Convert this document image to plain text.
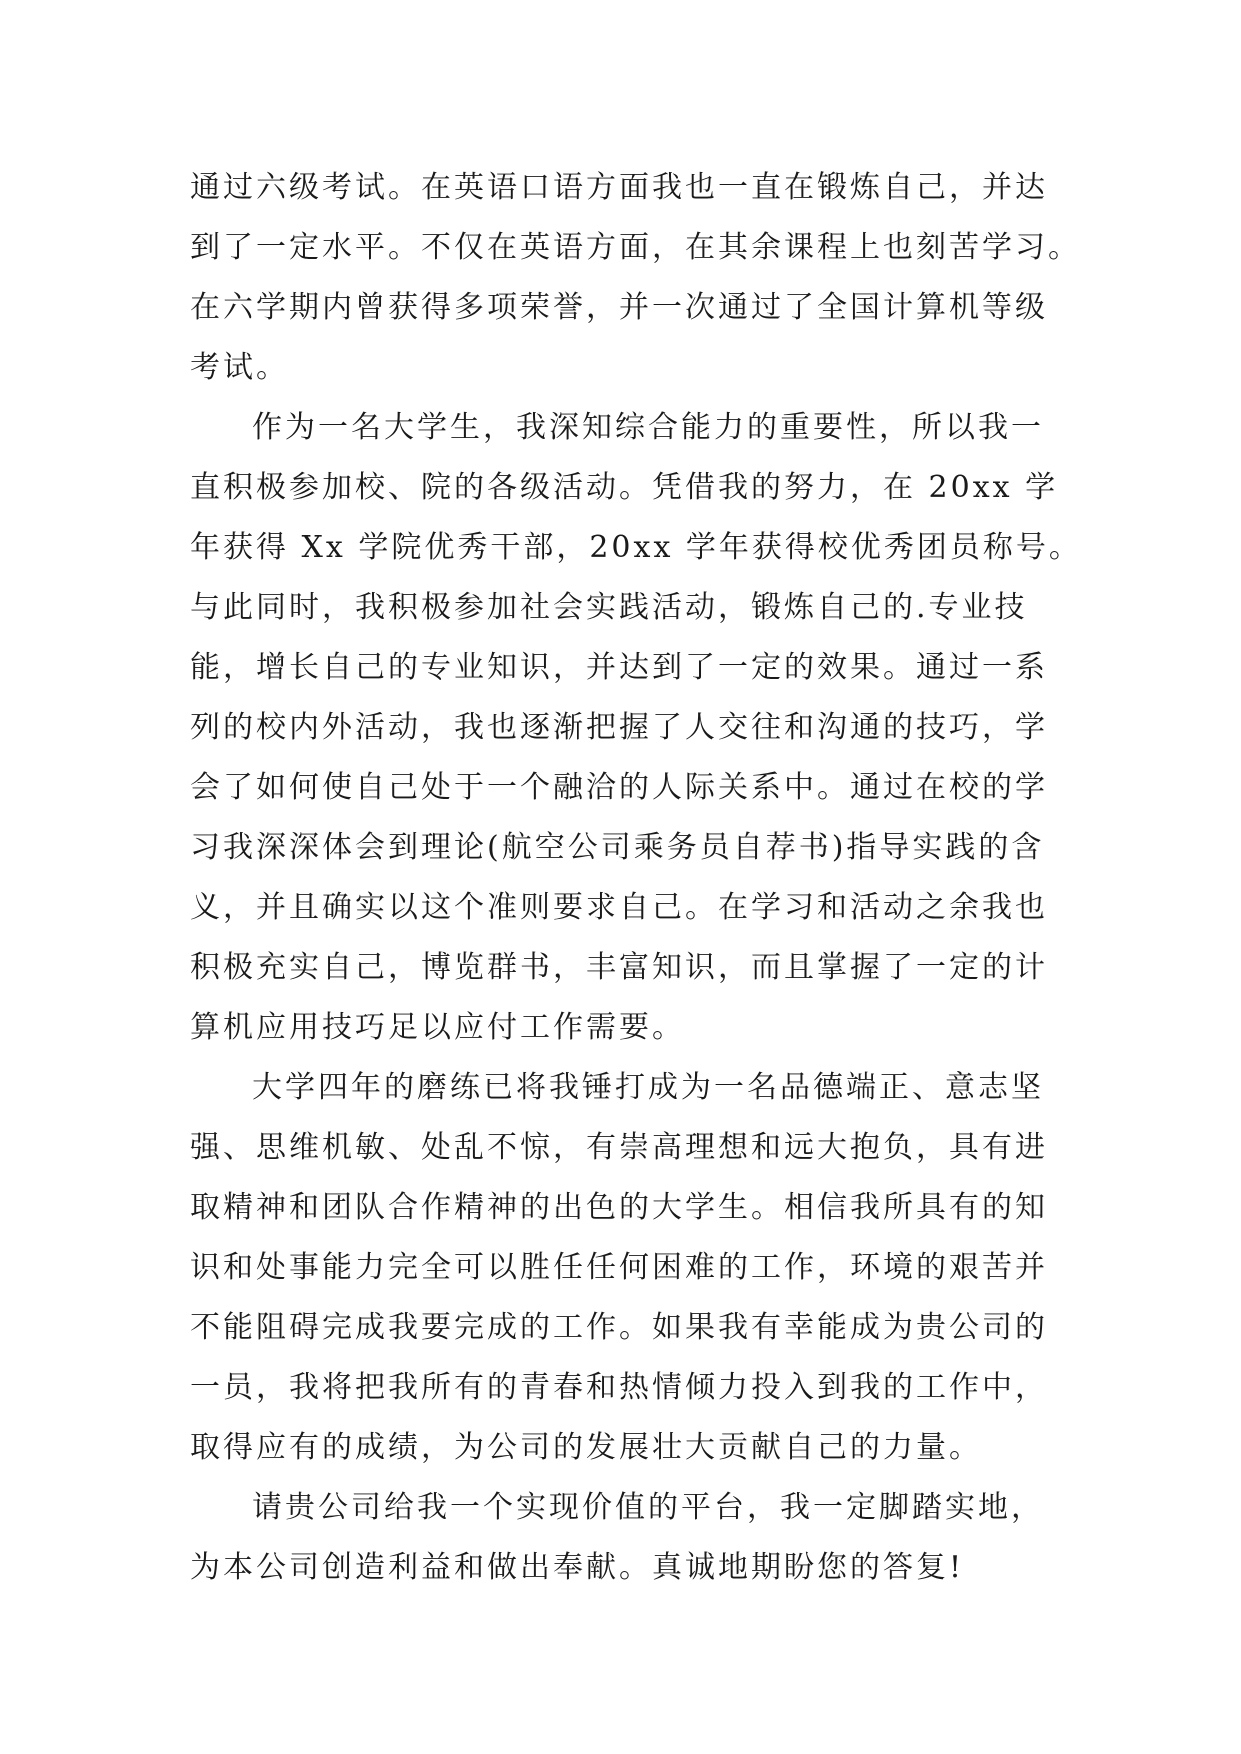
通过六级考试。在英语口语方面我也一直在锻炼自己，并达
到了一定水平。不仅在英语方面，在其余课程上也刻苦学习。
在六学期内曾获得多项荣誉，并一次通过了全国计算机等级
考试。
作为一名大学生，我深知综合能力的重要性，所以我一
直积极参加校、院的各级活动。凭借我的努力，在 20xx 学
年获得 Xx 学院优秀干部，20xx 学年获得校优秀团员称号。
与此同时，我积极参加社会实践活动，锻炼自己的.专业技
能，增长自己的专业知识，并达到了一定的效果。通过一系
列的校内外活动，我也逐渐把握了人交往和沟通的技巧，学
会了如何使自己处于一个融洽的人际关系中。通过在校的学
习我深深体会到理论(航空公司乘务员自荐书)指导实践的含
义，并且确实以这个准则要求自己。在学习和活动之余我也
积极充实自己，博览群书，丰富知识，而且掌握了一定的计
算机应用技巧足以应付工作需要。
大学四年的磨练已将我锤打成为一名品德端正、意志坚
强、思维机敏、处乱不惊，有崇高理想和远大抱负，具有进
取精神和团队合作精神的出色的大学生。相信我所具有的知
识和处事能力完全可以胜任任何困难的工作，环境的艰苦并
不能阻碍完成我要完成的工作。如果我有幸能成为贵公司的
一员，我将把我所有的青春和热情倾力投入到我的工作中，
取得应有的成绩，为公司的发展壮大贡献自己的力量。
请贵公司给我一个实现价值的平台，我一定脚踏实地，
为本公司创造利益和做出奉献。真诚地期盼您的答复!
